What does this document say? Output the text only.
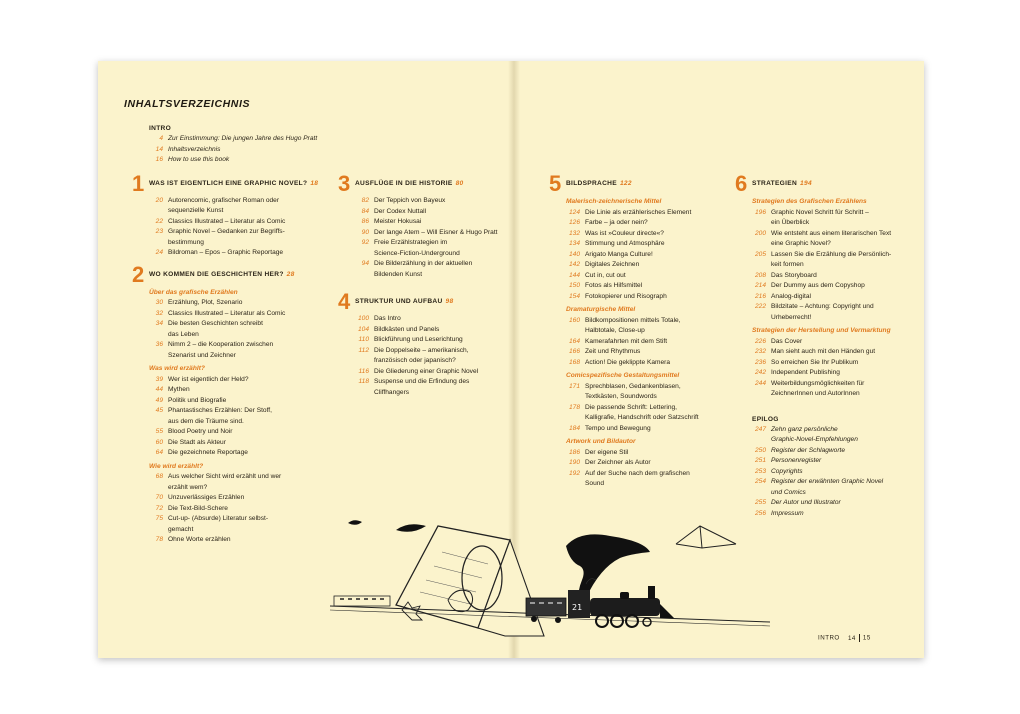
INHALTSVERZEICHNIS
INTRO
4 Zur Einstimmung: Die jungen Jahre des Hugo Pratt
14 Inhaltsverzeichnis
16 How to use this book
1 WAS IST EIGENTLICH EINE GRAPHIC NOVEL? 18
20 Autorencomic, grafischer Roman oder
sequenzielle Kunst
22 Classics Illustrated – Literatur als Comic
23 Graphic Novel – Gedanken zur Begriffs-
bestimmung
24 Bildroman – Epos – Graphic Reportage
2 WO KOMMEN DIE GESCHICHTEN HER? 28
Über das grafische Erzählen
30 Erzählung, Plot, Szenario
32 Classics Illustrated – Literatur als Comic
34 Die besten Geschichten schreibt
das Leben
36 Nimm 2 – die Kooperation zwischen
Szenarist und Zeichner
Was wird erzählt?
39 Wer ist eigentlich der Held?
44 Mythen
49 Politik und Biografie
45 Phantastisches Erzählen: Der Stoff,
aus dem die Träume sind.
55 Blood Poetry und Noir
60 Die Stadt als Akteur
64 Die gezeichnete Reportage
Wie wird erzählt?
68 Aus welcher Sicht wird erzählt und wer
erzählt wem?
70 Unzuverlässiges Erzählen
72 Die Text-Bild-Schere
75 Cut-up- (Absurde) Literatur selbst-
gemacht
78 Ohne Worte erzählen
3 AUSFLÜGE IN DIE HISTORIE 80
82 Der Teppich von Bayeux
84 Der Codex Nuttall
86 Meister Hokusai
90 Der lange Atem – Will Eisner & Hugo Pratt
92 Freie Erzählstrategien im
Science-Fiction-Underground
94 Die Bilderzählung in der aktuellen
Bildenden Kunst
4 STRUKTUR UND AUFBAU 98
100 Das Intro
104 Bildkästen und Panels
110 Blickführung und Leserichtung
112 Die Doppelseite – amerikanisch,
französisch oder japanisch?
116 Die Gliederung einer Graphic Novel
118 Suspense und die Erfindung des
Cliffhangers
5 BILDSPRACHE 122
Malerisch-zeichnerische Mittel
124 Die Linie als erzählerisches Element
126 Farbe – ja oder nein?
132 Was ist »Couleur directe«?
134 Stimmung und Atmosphäre
140 Arigato Manga Culture!
142 Digitales Zeichnen
144 Cut in, cut out
150 Fotos als Hilfsmittel
154 Fotokopierer und Risograph
Dramaturgische Mittel
160 Bildkompositionen mittels Totale,
Halbtotale, Close-up
164 Kamerafahrten mit dem Stift
166 Zeit und Rhythmus
168 Action! Die geklippte Kamera
Comicspezifische Gestaltungsmittel
171 Sprechblasen, Gedankenblasen,
Textkästen, Soundwords
178 Die passende Schrift: Lettering,
Kalligrafie, Handschrift oder Satzschrift
184 Tempo und Bewegung
Artwork und Bildautor
186 Der eigene Stil
190 Der Zeichner als Autor
192 Auf der Suche nach dem grafischen
Sound
6 STRATEGIEN 194
Strategien des Grafischen Erzählens
196 Graphic Novel Schritt für Schritt –
ein Überblick
200 Wie entsteht aus einem literarischen Text
eine Graphic Novel?
205 Lassen Sie die Erzählung die Persönlich-
keit formen
208 Das Storyboard
214 Der Dummy aus dem Copyshop
216 Analog-digital
222 Bildzitate – Achtung: Copyright und
Urheberrecht!
Strategien der Herstellung und Vermarktung
226 Das Cover
232 Man sieht auch mit den Händen gut
236 So erreichen Sie Ihr Publikum
242 Independent Publishing
244 Weiterbildungsmöglichkeiten für
ZeichnerInnen und AutorInnen
EPILOG
247 Zehn ganz persönliche
Graphic-Novel-Empfehlungen
250 Register der Schlagworte
251 Personenregister
253 Copyrights
254 Register der erwähnten Graphic Novel
und Comics
255 Der Autor und Illustrator
256 Impressum
21
INTRO 14 15
